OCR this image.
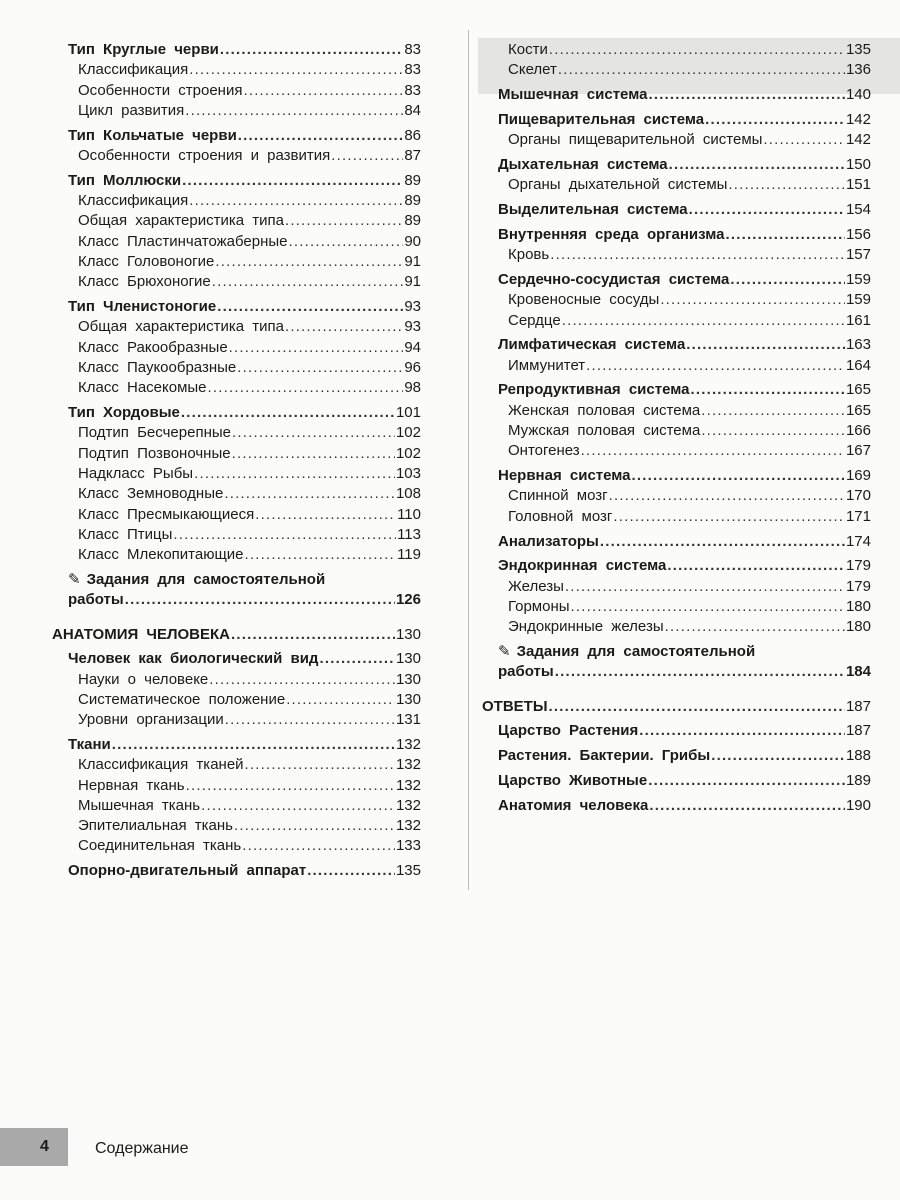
Тип Круглые черви .....	83
Классификация .....	83
Особенности строения .....	83
Цикл развития .....	84
Тип Кольчатые черви .....	86
Особенности строения и развития .....	87
Тип Моллюски .....	89
Классификация .....	89
Общая характеристика типа .....	89
Класс Пластинчатожаберные .....	90
Класс Головоногие .....	91
Класс Брюхоногие .....	91
Тип Членистоногие .....	93
Общая характеристика типа .....	93
Класс Ракообразные .....	94
Класс Паукообразные .....	96
Класс Насекомые .....	98
Тип Хордовые .....	101
Подтип Бесчерепные .....	102
Подтип Позвоночные .....	102
Надкласс Рыбы .....	103
Класс Земноводные .....	108
Класс Пресмыкающиеся .....	110
Класс Птицы .....	113
Класс Млекопитающие .....	119
✎ Задания для самостоятельной
работы .....	126
АНАТОМИЯ ЧЕЛОВЕКА .....	130
Человек как биологический вид .....	130
Науки о человеке .....	130
Систематическое положение .....	130
Уровни организации .....	131
Ткани .....	132
Классификация тканей .....	132
Нервная ткань .....	132
Мышечная ткань .....	132
Эпителиальная ткань .....	132
Соединительная ткань .....	133
Опорно-двигательный аппарат .....	135
Кости .....	135
Скелет .....	136
Мышечная система .....	140
Пищеварительная система .....	142
Органы пищеварительной системы .....	142
Дыхательная система .....	150
Органы дыхательной системы .....	151
Выделительная система .....	154
Внутренняя среда организма .....	156
Кровь .....	157
Сердечно-сосудистая система .....	159
Кровеносные сосуды .....	159
Сердце .....	161
Лимфатическая система .....	163
Иммунитет .....	164
Репродуктивная система .....	165
Женская половая система .....	165
Мужская половая система .....	166
Онтогенез .....	167
Нервная система .....	169
Спинной мозг .....	170
Головной мозг .....	171
Анализаторы .....	174
Эндокринная система .....	179
Железы .....	179
Гормоны .....	180
Эндокринные железы .....	180
✎ Задания для самостоятельной
работы .....	184
ОТВЕТЫ .....	187
Царство Растения .....	187
Растения. Бактерии. Грибы .....	188
Царство Животные .....	189
Анатомия человека .....	190
4	Содержание
